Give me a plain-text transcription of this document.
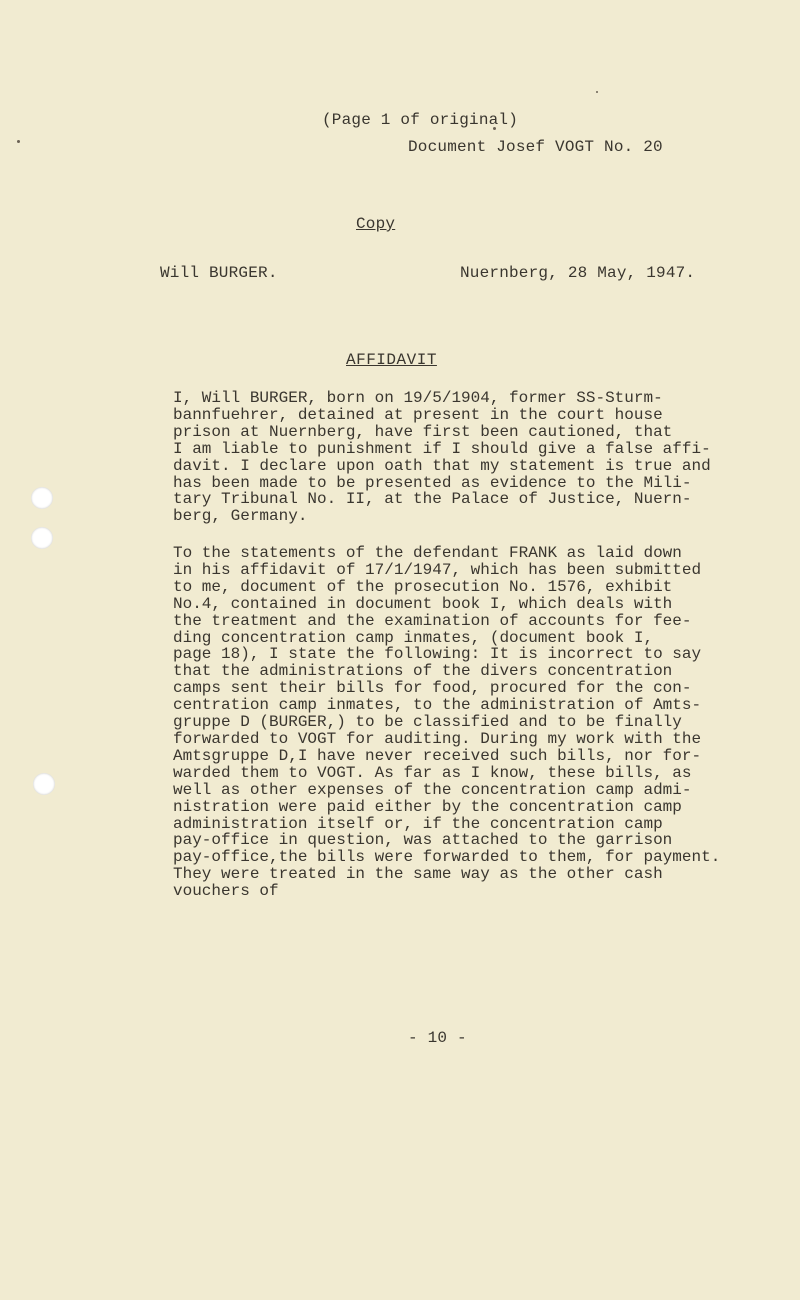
(Page 1 of original)
Document Josef VOGT No. 20
Copy
Will BURGER.	Nuernberg, 28 May, 1947.
AFFIDAVIT
I, Will BURGER, born on 19/5/1904, former SS-Sturm-
bannfuehrer, detained at present in the court house
prison at Nuernberg, have first been cautioned, that
I am liable to punishment if I should give a false affi-
davit. I declare upon oath that my statement is true and
has been made to be presented as evidence to the Mili-
tary Tribunal No. II, at the Palace of Justice, Nuern-
berg, Germany.
To the statements of the defendant FRANK as laid down
in his affidavit of 17/1/1947, which has been submitted
to me, document of the prosecution No. 1576, exhibit
No.4, contained in document book I, which deals with
the treatment and the examination of accounts for fee-
ding concentration camp inmates, (document book I,
page 18), I state the following: It is incorrect to say
that the administrations of the divers concentration
camps sent their bills for food, procured for the con-
centration camp inmates, to the administration of Amts-
gruppe D (BURGER,) to be classified and to be finally
forwarded to VOGT for auditing. During my work with the
Amtsgruppe D,I have never received such bills, nor for-
warded them to VOGT. As far as I know, these bills, as
well as other expenses of the concentration camp admi-
nistration were paid either by the concentration camp
administration itself or, if the concentration camp
pay-office in question, was attached to the garrison
pay-office,the bills were forwarded to them, for payment.
They were treated in the same way as the other cash
vouchers of
- 10 -
